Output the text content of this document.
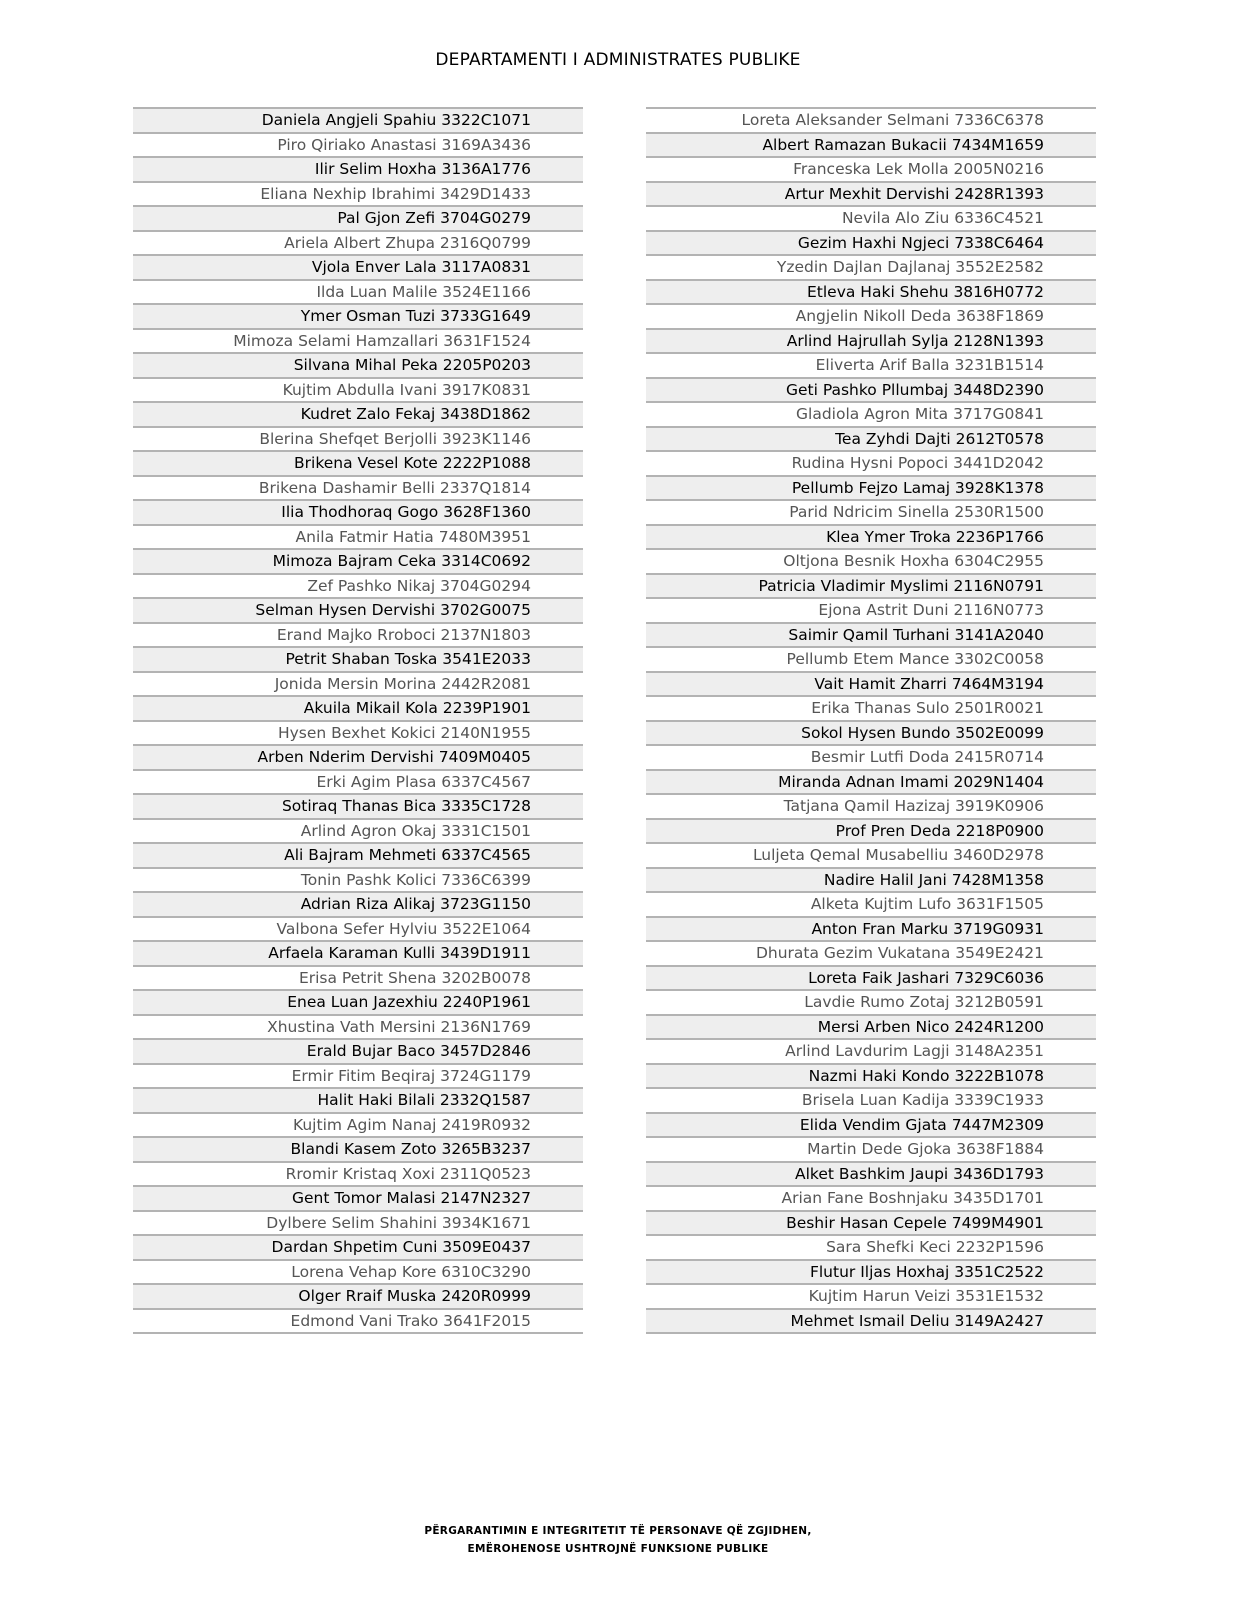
DEPARTAMENTI I ADMINISTRATES PUBLIKE
Daniela Angjeli Spahiu 3322C1071
Piro Qiriako Anastasi 3169A3436
Ilir Selim Hoxha 3136A1776
Eliana Nexhip Ibrahimi 3429D1433
Pal Gjon Zefi 3704G0279
Ariela Albert Zhupa 2316Q0799
Vjola Enver Lala 3117A0831
Ilda Luan Malile 3524E1166
Ymer Osman Tuzi 3733G1649
Mimoza Selami Hamzallari 3631F1524
Silvana Mihal Peka 2205P0203
Kujtim Abdulla Ivani 3917K0831
Kudret Zalo Fekaj 3438D1862
Blerina Shefqet Berjolli 3923K1146
Brikena Vesel Kote 2222P1088
Brikena Dashamir Belli 2337Q1814
Ilia Thodhoraq Gogo 3628F1360
Anila Fatmir Hatia 7480M3951
Mimoza Bajram Ceka 3314C0692
Zef Pashko Nikaj 3704G0294
Selman Hysen Dervishi 3702G0075
Erand Majko Rroboci 2137N1803
Petrit Shaban Toska 3541E2033
Jonida Mersin Morina 2442R2081
Akuila Mikail Kola 2239P1901
Hysen Bexhet Kokici 2140N1955
Arben Nderim Dervishi 7409M0405
Erki Agim Plasa 6337C4567
Sotiraq Thanas Bica 3335C1728
Arlind Agron Okaj 3331C1501
Ali Bajram Mehmeti 6337C4565
Tonin Pashk Kolici 7336C6399
Adrian Riza Alikaj 3723G1150
Valbona Sefer Hylviu 3522E1064
Arfaela Karaman Kulli 3439D1911
Erisa Petrit Shena 3202B0078
Enea Luan Jazexhiu 2240P1961
Xhustina Vath Mersini 2136N1769
Erald Bujar Baco 3457D2846
Ermir Fitim Beqiraj 3724G1179
Halit Haki Bilali 2332Q1587
Kujtim Agim Nanaj 2419R0932
Blandi Kasem Zoto 3265B3237
Rromir Kristaq Xoxi 2311Q0523
Gent Tomor Malasi 2147N2327
Dylbere Selim Shahini 3934K1671
Dardan Shpetim Cuni 3509E0437
Lorena Vehap Kore 6310C3290
Olger Rraif Muska 2420R0999
Edmond Vani Trako 3641F2015
Loreta Aleksander Selmani 7336C6378
Albert Ramazan Bukacii 7434M1659
Franceska Lek Molla 2005N0216
Artur Mexhit Dervishi 2428R1393
Nevila Alo Ziu 6336C4521
Gezim Haxhi Ngjeci 7338C6464
Yzedin Dajlan Dajlanaj 3552E2582
Etleva Haki Shehu 3816H0772
Angjelin Nikoll Deda 3638F1869
Arlind Hajrullah Sylja 2128N1393
Eliverta Arif Balla 3231B1514
Geti Pashko Pllumbaj 3448D2390
Gladiola Agron Mita 3717G0841
Tea Zyhdi Dajti 2612T0578
Rudina Hysni Popoci 3441D2042
Pellumb Fejzo Lamaj 3928K1378
Parid Ndricim Sinella 2530R1500
Klea Ymer Troka 2236P1766
Oltjona Besnik Hoxha 6304C2955
Patricia Vladimir Myslimi 2116N0791
Ejona Astrit Duni 2116N0773
Saimir Qamil Turhani 3141A2040
Pellumb Etem Mance 3302C0058
Vait Hamit Zharri 7464M3194
Erika Thanas Sulo 2501R0021
Sokol Hysen Bundo 3502E0099
Besmir Lutfi Doda 2415R0714
Miranda Adnan Imami 2029N1404
Tatjana Qamil Hazizaj 3919K0906
Prof Pren Deda 2218P0900
Luljeta Qemal Musabelliu 3460D2978
Nadire Halil Jani 7428M1358
Alketa Kujtim Lufo 3631F1505
Anton Fran Marku 3719G0931
Dhurata Gezim Vukatana 3549E2421
Loreta Faik Jashari 7329C6036
Lavdie Rumo Zotaj 3212B0591
Mersi Arben Nico 2424R1200
Arlind Lavdurim Lagji 3148A2351
Nazmi Haki Kondo 3222B1078
Brisela Luan Kadija 3339C1933
Elida Vendim Gjata 7447M2309
Martin Dede Gjoka 3638F1884
Alket Bashkim Jaupi 3436D1793
Arian Fane Boshnjaku 3435D1701
Beshir Hasan Cepele 7499M4901
Sara Shefki Keci 2232P1596
Flutur Iljas Hoxhaj 3351C2522
Kujtim Harun Veizi 3531E1532
Mehmet Ismail Deliu 3149A2427
PËRGARANTIMIN E INTEGRITETIT TË PERSONAVE QË ZGJIDHEN,
EMËROHENOSE USHTROJNË FUNKSIONE PUBLIKE
